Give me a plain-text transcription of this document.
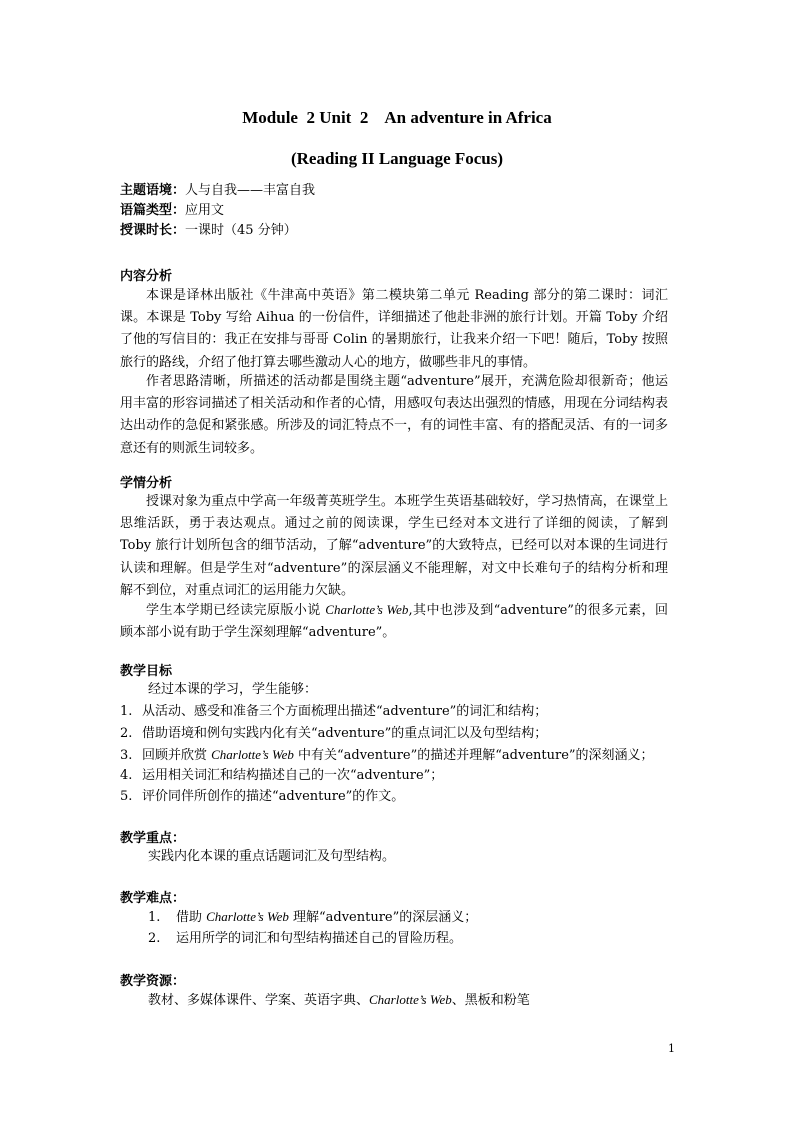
Module  2 Unit  2    An adventure in Africa
(Reading II Language Focus)
主题语境：人与自我——丰富自我
语篇类型：应用文
授课时长：一课时（45 分钟）
内容分析

本课是译林出版社《牛津高中英语》第二模块第二单元 Reading 部分的第二课时：词汇课。本课是 Toby 写给 Aihua 的一份信件，详细描述了他赴非洲的旅行计划。开篇 Toby 介绍了他的写信目的：我正在安排与哥哥 Colin 的暑期旅行，让我来介绍一下吧！随后，Toby 按照旅行的路线，介绍了他打算去哪些激动人心的地方，做哪些非凡的事情。

作者思路清晰，所描述的活动都是围绕主题“adventure”展开，充满危险却很新奇；他运用丰富的形容词描述了相关活动和作者的心情，用感叹句表达出强烈的情感，用现在分词结构表达出动作的急促和紧张感。所涉及的词汇特点不一，有的词性丰富、有的搭配灵活、有的一词多意还有的则派生词较多。

学情分析

授课对象为重点中学高一年级菁英班学生。本班学生英语基础较好，学习热情高，在课堂上思维活跃，勇于表达观点。通过之前的阅读课，学生已经对本文进行了详细的阅读，了解到 Toby 旅行计划所包含的细节活动，了解“adventure”的大致特点，已经可以对本课的生词进行认读和理解。但是学生对“adventure”的深层涵义不能理解，对文中长难句子的结构分析和理解不到位，对重点词汇的运用能力欠缺。

学生本学期已经读完原版小说 Charlotte’s Web,其中也涉及到“adventure”的很多元素，回顾本部小说有助于学生深刻理解“adventure”。

教学目标
经过本课的学习，学生能够：
1. 从活动、感受和准备三个方面梳理出描述“adventure”的词汇和结构；
2. 借助语境和例句实践内化有关“adventure”的重点词汇以及句型结构；
3. 回顾并欣赏 Charlotte’s Web 中有关“adventure”的描述并理解“adventure”的深刻涵义；
4. 运用相关词汇和结构描述自己的一次“adventure”；
5. 评价同伴所创作的描述“adventure”的作文。
教学重点：
实践内化本课的重点话题词汇及句型结构。
教学难点：
1. 借助 Charlotte’s Web 理解“adventure”的深层涵义；
2. 运用所学的词汇和句型结构描述自己的冒险历程。
教学资源：
教材、多媒体课件、学案、英语字典、Charlotte’s Web、黑板和粉笔
1
